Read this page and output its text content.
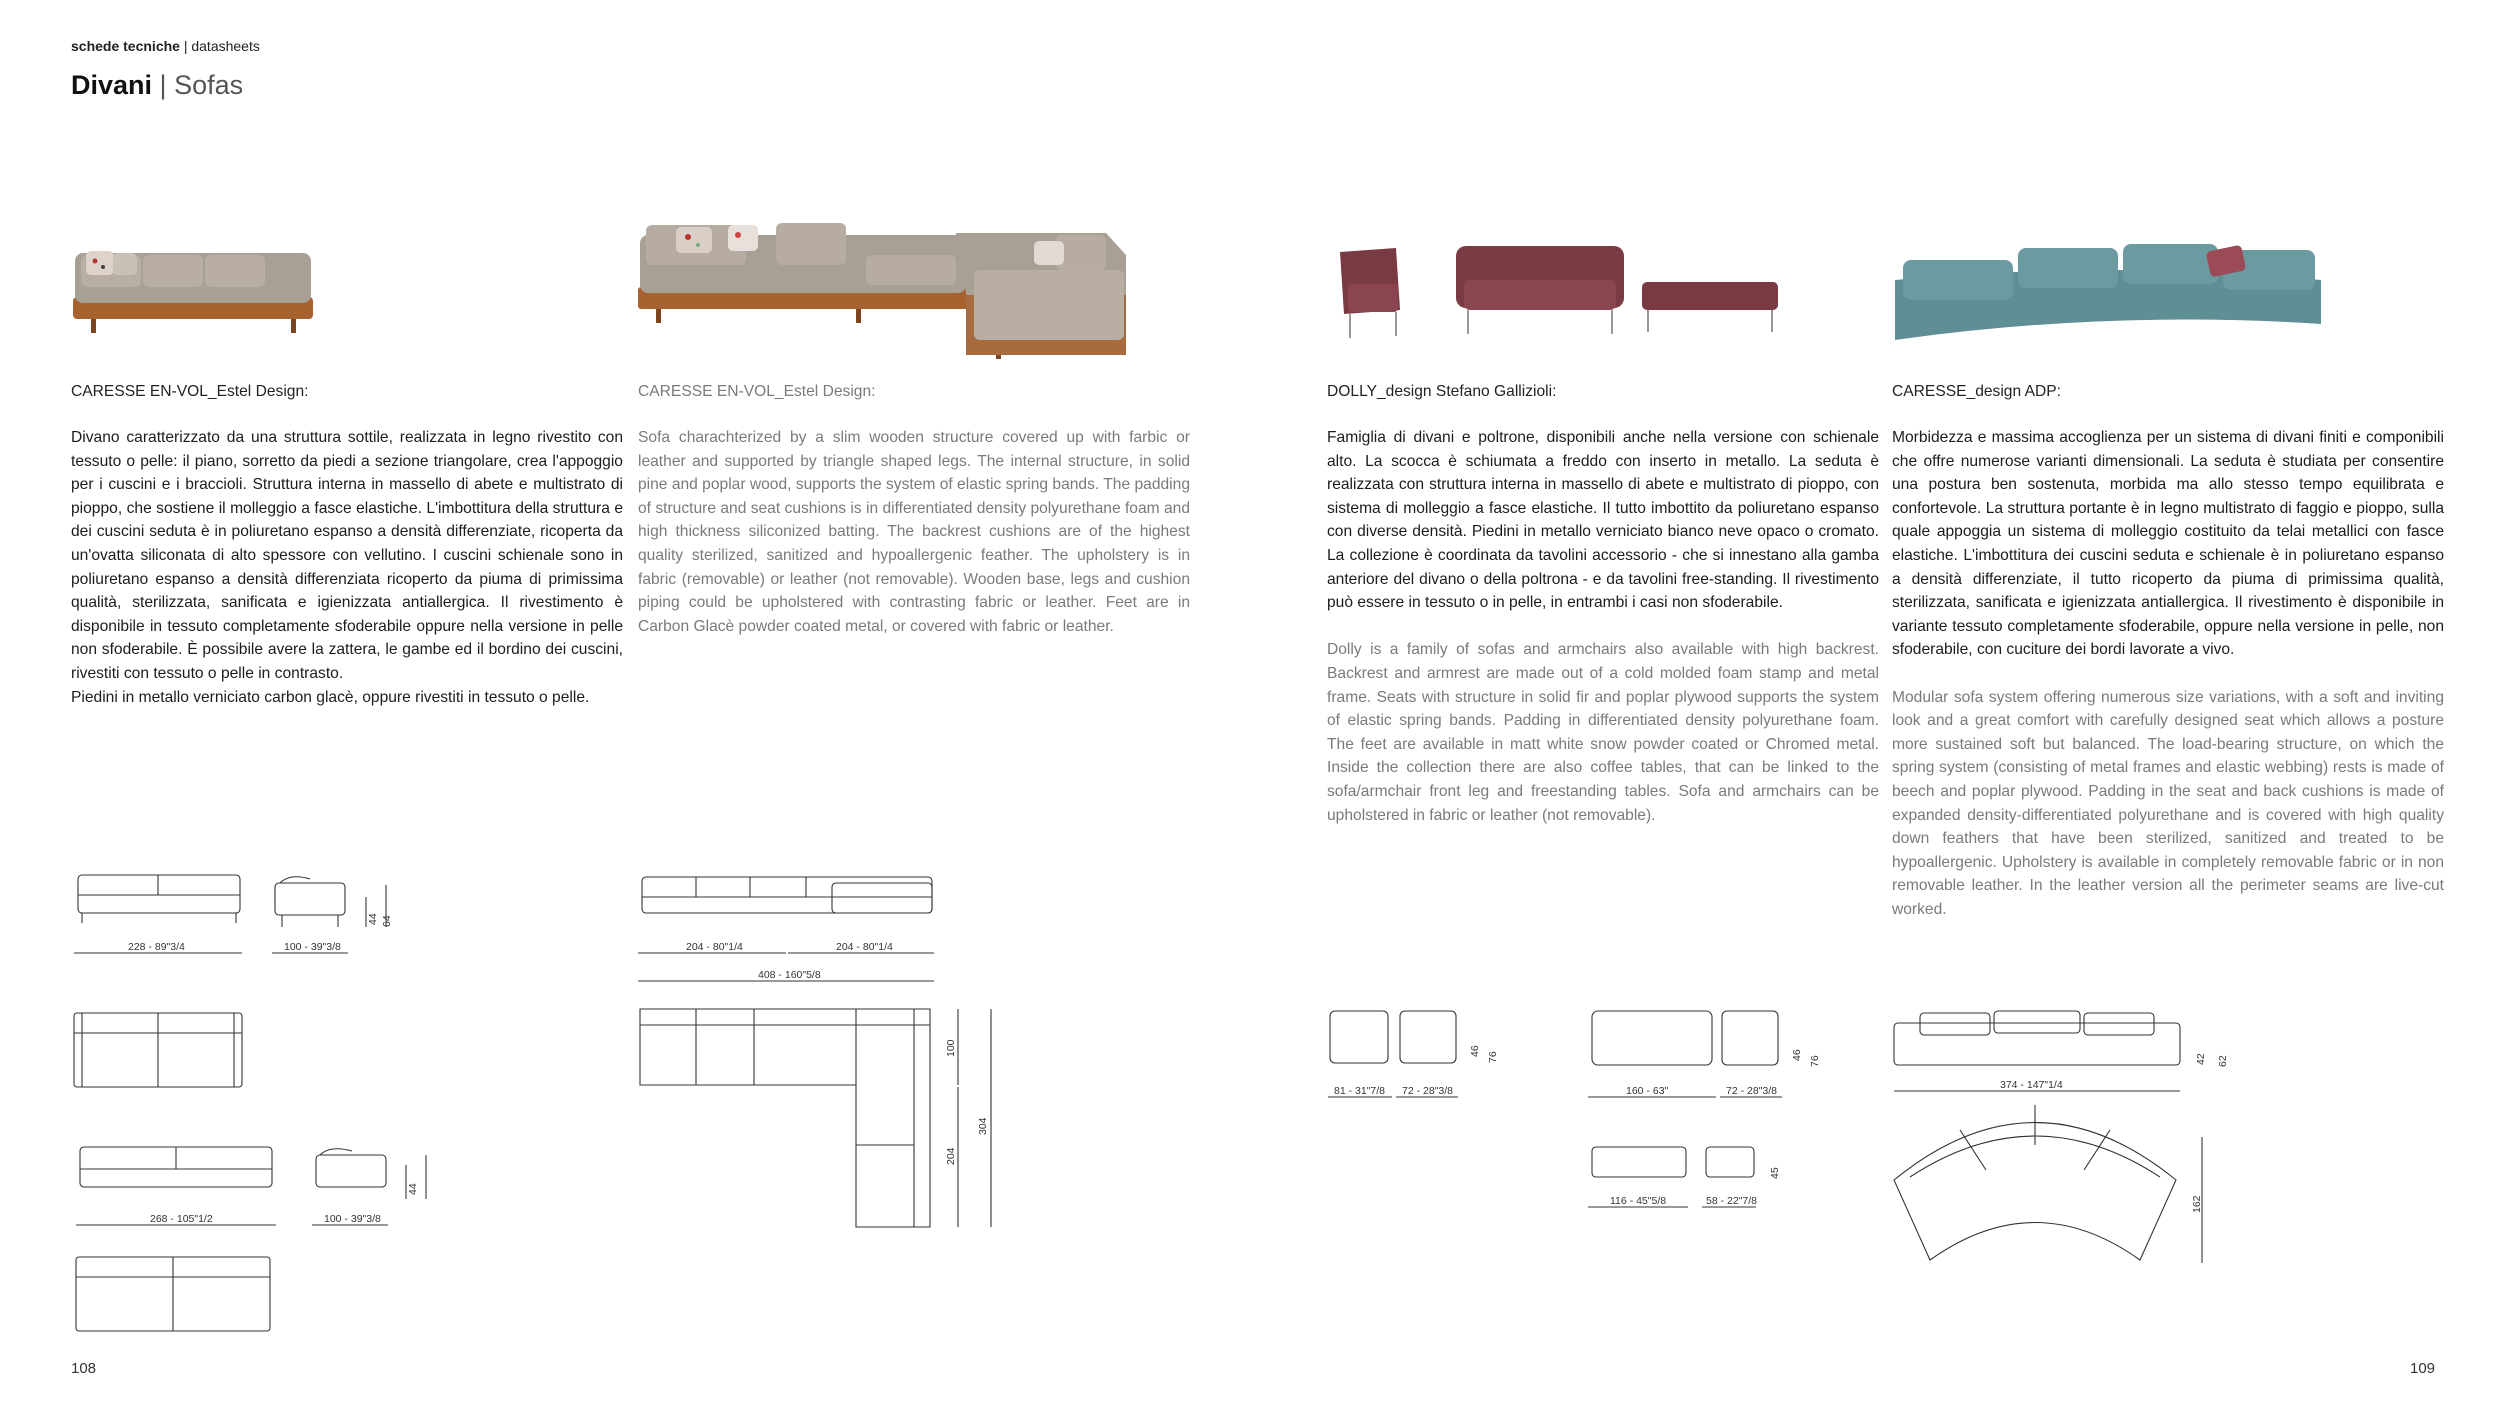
schede tecniche | datasheets
Divani | Sofas
CARESSE EN-VOL_Estel Design:	CARESSE EN-VOL_Estel Design:	DOLLY_design Stefano Gallizioli:	CARESSE_design ADP:

Divano caratterizzato da una struttura sottile, realizzata in legno rivestito con tessuto o pelle: il piano, sorretto da piedi a sezione triangolare, crea l'appoggio per i cuscini e i braccioli. Struttura interna in massello di abete e multistrato di pioppo, che sostiene il molleggio a fasce elastiche. L'imbottitura della struttura e dei cuscini seduta è in poliuretano espanso a densità differenziate, ricoperta da un'ovatta siliconata di alto spessore con vellutino. I cuscini schienale sono in poliuretano espanso a densità differenziata ricoperto da piuma di primissima qualità, sterilizzata, sanificata e igienizzata antiallergica. Il rivestimento è disponibile in tessuto completamente sfoderabile oppure nella versione in pelle non sfoderabile. È possibile avere la zattera, le gambe ed il bordino dei cuscini, rivestiti con tessuto o pelle in contrasto.

Piedini in metallo verniciato carbon glacè, oppure rivestiti in tessuto o pelle.

Sofa charachterized by a slim wooden structure covered up with farbic or leather and supported by triangle shaped legs. The internal structure, in solid pine and poplar wood, supports the system of elastic spring bands. The padding of structure and seat cushions is in differentiated density polyurethane foam and high thickness siliconized batting. The backrest cushions are of the highest quality sterilized, sanitized and hypoallergenic feather. The upholstery is in fabric (removable) or leather (not removable). Wooden base, legs and cushion piping could be upholstered with contrasting fabric or leather. Feet are in Carbon Glacè powder coated metal, or covered with fabric or leather.

Famiglia di divani e poltrone, disponibili anche nella versione con schienale alto. La scocca è schiumata a freddo con inserto in metallo. La seduta è realizzata con struttura interna in massello di abete e multistrato di pioppo, con sistema di molleggio a fasce elastiche. Il tutto imbottito da poliuretano espanso con diverse densità. Piedini in metallo verniciato bianco neve opaco o cromato. La collezione è coordinata da tavolini accessorio - che si innestano alla gamba anteriore del divano o della poltrona - e da tavolini free-standing. Il rivestimento può essere in tessuto o in pelle, in entrambi i casi non sfoderabile.

Dolly is a family of sofas and armchairs also available with high backrest. Backrest and armrest are made out of a cold molded foam stamp and metal frame. Seats with structure in solid fir and poplar plywood supports the system of elastic spring bands. Padding in differentiated density polyurethane foam. The feet are available in matt white snow powder coated or Chromed metal. Inside the collection there are also coffee tables, that can be linked to the sofa/armchair front leg and freestanding tables. Sofa and armchairs can be upholstered in fabric or leather (not removable).

Morbidezza e massima accoglienza per un sistema di divani finiti e componibili che offre numerose varianti dimensionali. La seduta è studiata per consentire una postura ben sostenuta, morbida ma allo stesso tempo equilibrata e confortevole. La struttura portante è in legno multistrato di faggio e pioppo, sulla quale appoggia un sistema di molleggio costituito da telai metallici con fasce elastiche. L'imbottitura dei cuscini seduta e schienale è in poliuretano espanso a densità differenziate, il tutto ricoperto da piuma di primissima qualità, sterilizzata, sanificata e igienizzata antiallergica. Il rivestimento è disponibile in variante tessuto completamente sfoderabile, oppure nella versione in pelle, non sfoderabile, con cuciture dei bordi lavorate a vivo.

Modular sofa system offering numerous size variations, with a soft and inviting look and a great comfort with carefully designed seat which allows a posture more sustained soft but balanced. The load-bearing structure, on which the spring system (consisting of metal frames and elastic webbing) rests is made of beech and poplar plywood. Padding in the seat and back cushions is made of expanded density-differentiated polyurethane and is covered with high quality down feathers that have been sterilized, sanitized and treated to be hypoallergenic. Upholstery is available in completely removable fabric or in non removable leather. In the leather version all the perimeter seams are live-cut worked.

228 - 89"3/4	100 - 39"3/8
44 64
268 - 105"1/2	100 - 39"3/8
44
204 - 80"1/4	204 - 80"1/4
408 - 160"5/8
100
204
304
81 - 31"7/8 72 - 28"3/8
46
76
160 - 63"	72 - 28"3/8
46
76
116 - 45"5/8	58 - 22"7/8
45
374 - 147"1/4
42 62
162
108	109
